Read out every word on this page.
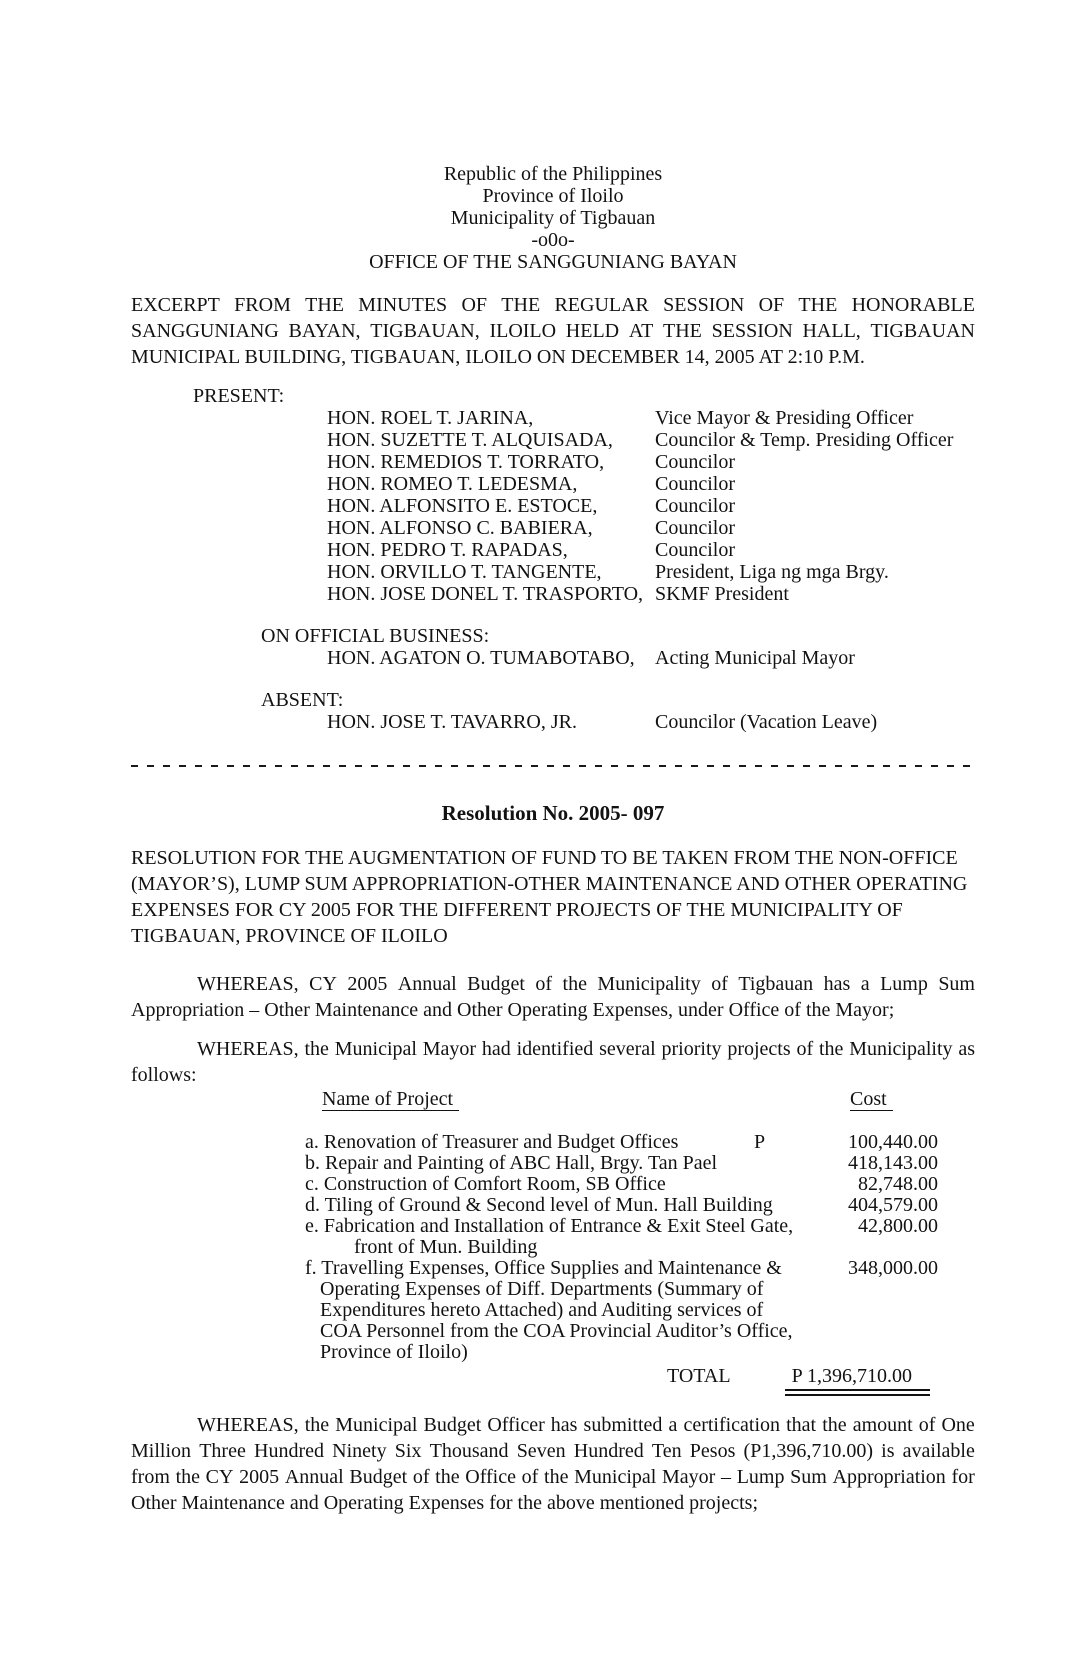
Republic of the Philippines
Province of Iloilo
Municipality of Tigbauan
-o0o-
OFFICE OF THE SANGGUNIANG BAYAN
EXCERPT FROM THE MINUTES OF THE REGULAR SESSION OF THE HONORABLE
SANGGUNIANG BAYAN, TIGBAUAN, ILOILO HELD AT THE SESSION HALL, TIGBAUAN
MUNICIPAL BUILDING, TIGBAUAN, ILOILO ON DECEMBER 14, 2005 AT 2:10 P.M.
PRESENT:
HON. ROEL T. JARINA,	Vice Mayor & Presiding Officer
HON. SUZETTE T. ALQUISADA,	Councilor & Temp. Presiding Officer
HON. REMEDIOS T. TORRATO,	Councilor
HON. ROMEO T. LEDESMA,	Councilor
HON. ALFONSITO E. ESTOCE,	Councilor
HON. ALFONSO C. BABIERA,	Councilor
HON. PEDRO T. RAPADAS,	Councilor
HON. ORVILLO T. TANGENTE,	President, Liga ng mga Brgy.
HON. JOSE DONEL T. TRASPORTO, SKMF President
ON OFFICIAL BUSINESS:
HON. AGATON O. TUMABOTABO,	Acting Municipal Mayor
ABSENT:
HON. JOSE T. TAVARRO, JR.	Councilor (Vacation Leave)
Resolution No. 2005- 097
RESOLUTION FOR THE AUGMENTATION OF FUND TO BE TAKEN FROM THE NON-OFFICE
(MAYOR’S), LUMP SUM APPROPRIATION-OTHER MAINTENANCE AND OTHER OPERATING
EXPENSES FOR CY 2005 FOR THE DIFFERENT PROJECTS OF THE MUNICIPALITY OF
TIGBAUAN, PROVINCE OF ILOILO
WHEREAS, CY 2005 Annual Budget of the Municipality of Tigbauan has a Lump Sum
Appropriation – Other Maintenance and Other Operating Expenses, under Office of the Mayor;
WHEREAS, the Municipal Mayor had identified several priority projects of the Municipality as
follows:
Name of Project	Cost
a. Renovation of Treasurer and Budget Offices	P	100,440.00
b. Repair and Painting of ABC Hall, Brgy. Tan Pael	418,143.00
c. Construction of Comfort Room, SB Office	82,748.00
d. Tiling of Ground & Second level of Mun. Hall Building	404,579.00
e. Fabrication and Installation of Entrance & Exit Steel Gate,	42,800.00
front of Mun. Building
f. Travelling Expenses, Office Supplies and Maintenance &	348,000.00
Operating Expenses of Diff. Departments (Summary of
Expenditures hereto Attached) and Auditing services of
COA Personnel from the COA Provincial Auditor’s Office,
Province of Iloilo)
TOTAL	P 1,396,710.00
WHEREAS, the Municipal Budget Officer has submitted a certification that the amount of One
Million Three Hundred Ninety Six Thousand Seven Hundred Ten Pesos (P1,396,710.00) is available
from the CY 2005 Annual Budget of the Office of the Municipal Mayor – Lump Sum Appropriation for
Other Maintenance and Operating Expenses for the above mentioned projects;
